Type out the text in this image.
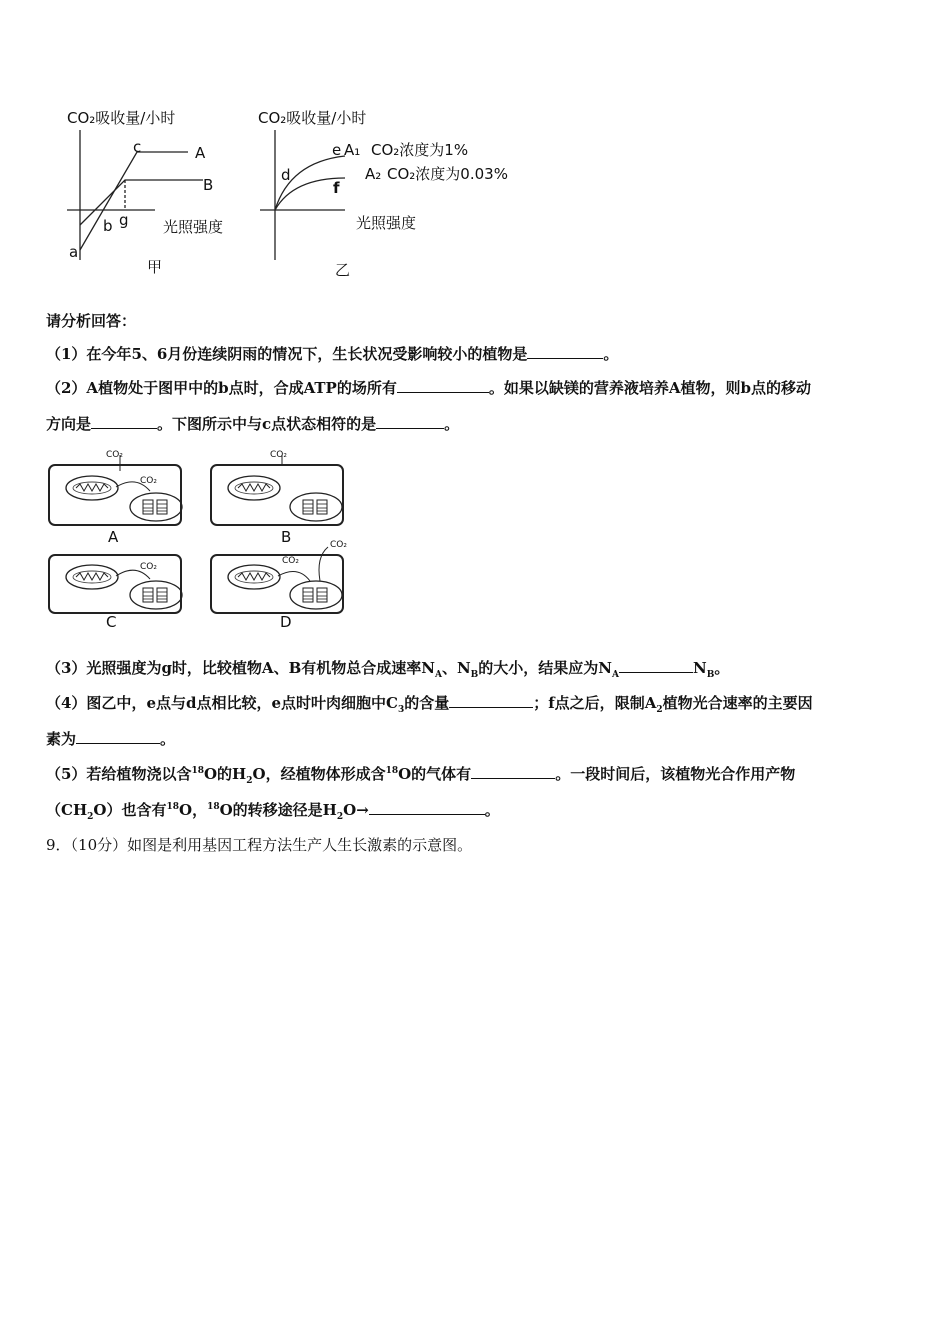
CO₂吸收量/小时
光照强度
甲
a
b
c
g
A
B
CO₂吸收量/小时
光照强度
乙
d
e
f
A₁ CO₂浓度为1%
A₂ CO₂浓度为0.03%
请分析回答：
（1）在今年5、6月份连续阴雨的情况下，生长状况受影响较小的植物是	。
（2）A植物处于图甲中的b点时，合成ATP的场所有	。如果以缺镁的营养液培养A植物，则b点的移动
方向是	。下图所示中与c点状态相符的是	。
CO₂
CO₂
A
CO₂
B
CO₂
C
CO₂
CO₂
D
（3）光照强度为g时，比较植物A、B有机物总合成速率$N_A$、$N_B$的大小，结果应为$N_A$	$N_B$。
（4）图乙中，e点与d点相比较，e点时叶肉细胞中$C_3$的含量	；f点之后，限制$A_2$植物光合速率的主要因
素为	。
（5）若给植物浇以含$^{18}$O的$H_2O$，经植物体形成含$^{18}$O的气体有	。一段时间后，该植物光合作用产物
$(CH_2O)$也含有$^{18}$O，$^{18}$O的转移途径是$H_2O\to$	。
9．（10分）如图是利用基因工程方法生产人生长激素的示意图。
